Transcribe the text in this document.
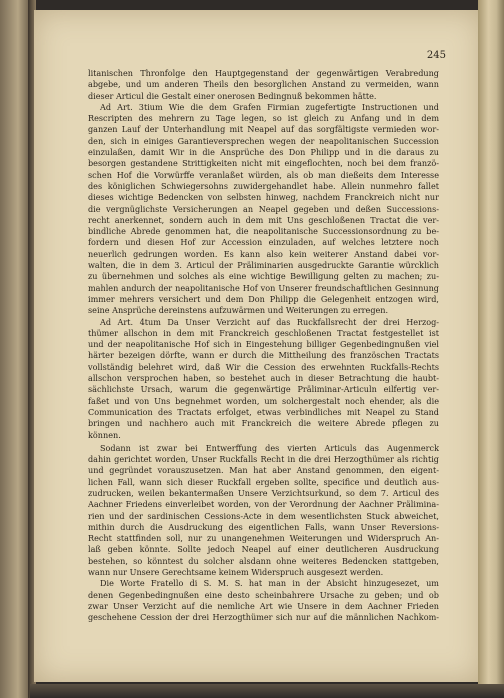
245
litanischen Thronfolge den Hauptgegenstand der gegenwärtigen Verabredung
abgebe, und um anderen Theils den besorglichen Anstand zu vermeiden, wann
dieser Articul die Gestalt einer onerosen Bedingnuß bekommen hätte.
Ad Art. 3tium Wie die dem Grafen Firmian zugefertigte Instructionen und
Rescripten des mehrern zu Tage legen, so ist gleich zu Anfang und in dem
ganzen Lauf der Unterhandlung mit Neapel auf das sorgfältigste vermieden wor-
den, sich in einiges Garantieversprechen wegen der neapolitanischen Succession
einzulaßen, damit Wir in die Ansprüche des Don Philipp und in die daraus zu
besorgen gestandene Strittigkeiten nicht mit eingeflochten, noch bei dem franzö-
schen Hof die Vorwürffe veranlaßet würden, als ob man dießeits dem Interesse
des königlichen Schwiegersohns zuwidergehandlet habe. Allein nunmehro fallet
dieses wichtige Bedencken von selbsten hinweg, nachdem Franckreich nicht nur
die vergnüglichste Versicherungen an Neapel gegeben und deßen Successions-
recht anerkennet, sondern auch in dem mit Uns geschloßenen Tractat die ver-
bindliche Abrede genommen hat, die neapolitanische Successionsordnung zu be-
fordern und diesen Hof zur Accession einzuladen, auf welches letztere noch
neuerlich gedrungen worden. Es kann also kein weiterer Anstand dabei vor-
walten, die in dem 3. Articul der Präliminarien ausgedruckte Garantie würcklich
zu übernehmen und solches als eine wichtige Bewilligung gelten zu machen; zu-
mahlen andurch der neapolitanische Hof von Unserer freundschaftlichen Gesinnung
immer mehrers versichert und dem Don Philipp die Gelegenheit entzogen wird,
seine Ansprüche dereinstens aufzuwärmen und Weiterungen zu erregen.
Ad Art. 4tum Da Unser Verzicht auf das Ruckfallsrecht der drei Herzog-
thümer allschon in dem mit Franckreich geschloßenen Tractat festgestellet ist
und der neapolitanische Hof sich in Eingestehung billiger Gegenbedingnußen viel
härter bezeigen dörfte, wann er durch die Mittheilung des französchen Tractats
vollständig belehret wird, daß Wir die Cession des erwehnten Ruckfalls-Rechts
allschon versprochen haben, so bestehet auch in dieser Betrachtung die haubt-
sächlichste Ursach, warum die gegenwärtige Präliminar-Articuln eilfertig ver-
faßet und von Uns begnehmet worden, um solchergestalt noch ehender, als die
Communication des Tractats erfolget, etwas verbindliches mit Neapel zu Stand
bringen und nachhero auch mit Franckreich die weitere Abrede pflegen zu
können.
Sodann ist zwar bei Entwerffung des vierten Articuls das Augenmerck
dahin gerichtet worden, Unser Ruckfalls Recht in die drei Herzogthümer als richtig
und gegründet vorauszusetzen. Man hat aber Anstand genommen, den eigent-
lichen Fall, wann sich dieser Ruckfall ergeben sollte, specifice und deutlich aus-
zudrucken, weilen bekantermaßen Unsere Verzichtsurkund, so dem 7. Articul des
Aachner Friedens einverleibet worden, von der Verordnung der Aachner Prälimina-
rien und der sardinischen Cessions-Acte in dem wesentlichsten Stuck abweichet,
mithin durch die Ausdruckung des eigentlichen Falls, wann Unser Reversions-
Recht stattfinden soll, nur zu unangenehmen Weiterungen und Widerspruch An-
laß geben könnte. Sollte jedoch Neapel auf einer deutlicheren Ausdruckung
bestehen, so könntest du solcher alsdann ohne weiteres Bedencken stattgeben,
wann nur Unsere Gerechtsame keinem Widerspruch ausgesezt werden.
Die Worte Fratello di S. M. S. hat man in der Absicht hinzugesezet, um
denen Gegenbedingnußen eine desto scheinbahrere Ursache zu geben; und ob
zwar Unser Verzicht auf die nemliche Art wie Unsere in dem Aachner Frieden
geschehene Cession der drei Herzogthümer sich nur auf die männlichen Nachkom-
